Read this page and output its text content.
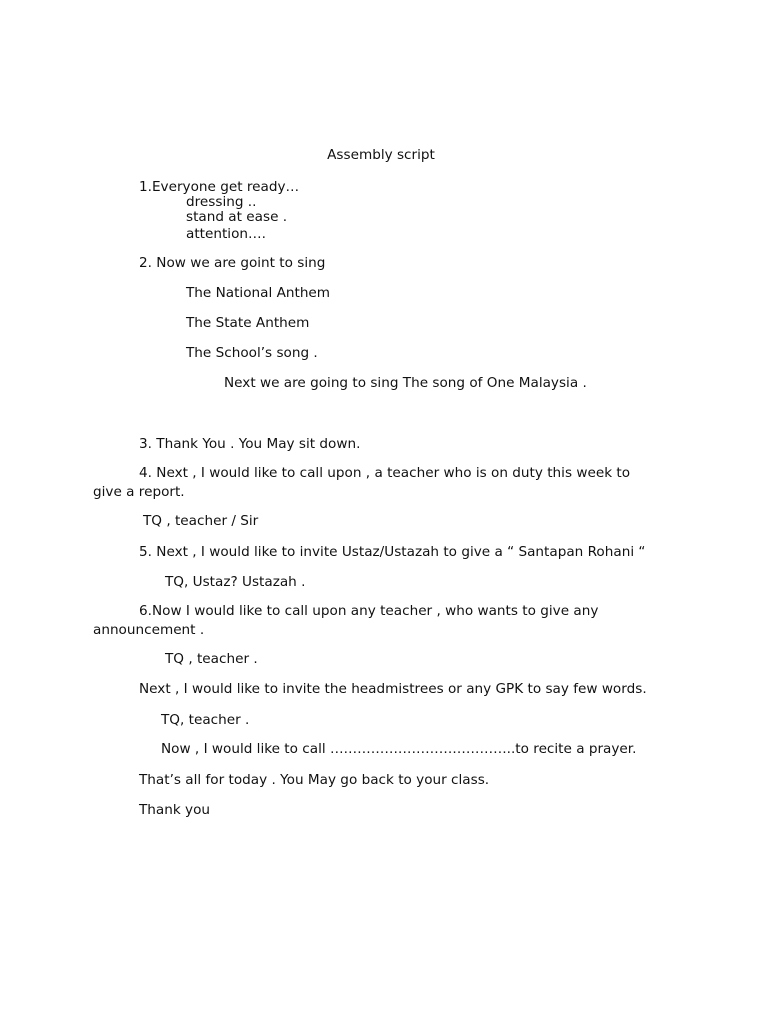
Assembly script
1.Everyone get ready…
dressing ..
stand at ease .
attention….
2. Now we are goint to sing
The National Anthem
The State Anthem
The School’s song .
Next we are going to sing The song of One Malaysia .
3. Thank You . You May sit down.
4. Next , I would like to call upon , a teacher who is on duty this week to
give a report.
TQ , teacher / Sir
5. Next , I would like to invite Ustaz/Ustazah to give a “ Santapan Rohani “
TQ, Ustaz? Ustazah .
6.Now I would like to call upon any teacher , who wants to give any
announcement .
TQ , teacher .
Next , I would like to invite the headmistrees or any GPK to say few words.
TQ, teacher .
Now , I would like to call …………………………………..to recite a prayer.
That’s all for today . You May go back to your class.
Thank you
